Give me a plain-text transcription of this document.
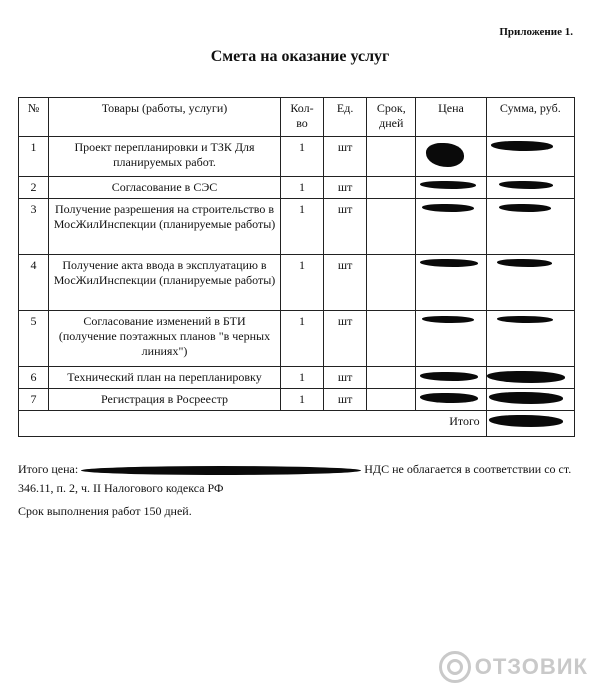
Приложение 1.
Смета на оказание услуг
№	Товары (работы, услуги)	Кол-во	Ед.	Срок, дней	Цена	Сумма, руб.
1	Проект перепланировки и ТЗК Для планируемых работ.	1	шт		

2	Согласование в СЭС	1	шт		

3	Получение разрешения на строительство в МосЖилИнспекции (планируемые работы)	1	шт		

4	Получение акта ввода в эксплуатацию в МосЖилИнспекции (планируемые работы)	1	шт		

5	Согласование изменений в БТИ (получение поэтажных планов "в черных линиях")	1	шт		

6	Технический план на перепланировку	1	шт		

7	Регистрация в Росреестр	1	шт		

Итого						
Итого цена:	НДС не облагается в соответствии со ст. 346.11, п. 2, ч. II Налогового кодекса РФ
Срок выполнения работ 150 дней.
ОТЗОВИК
